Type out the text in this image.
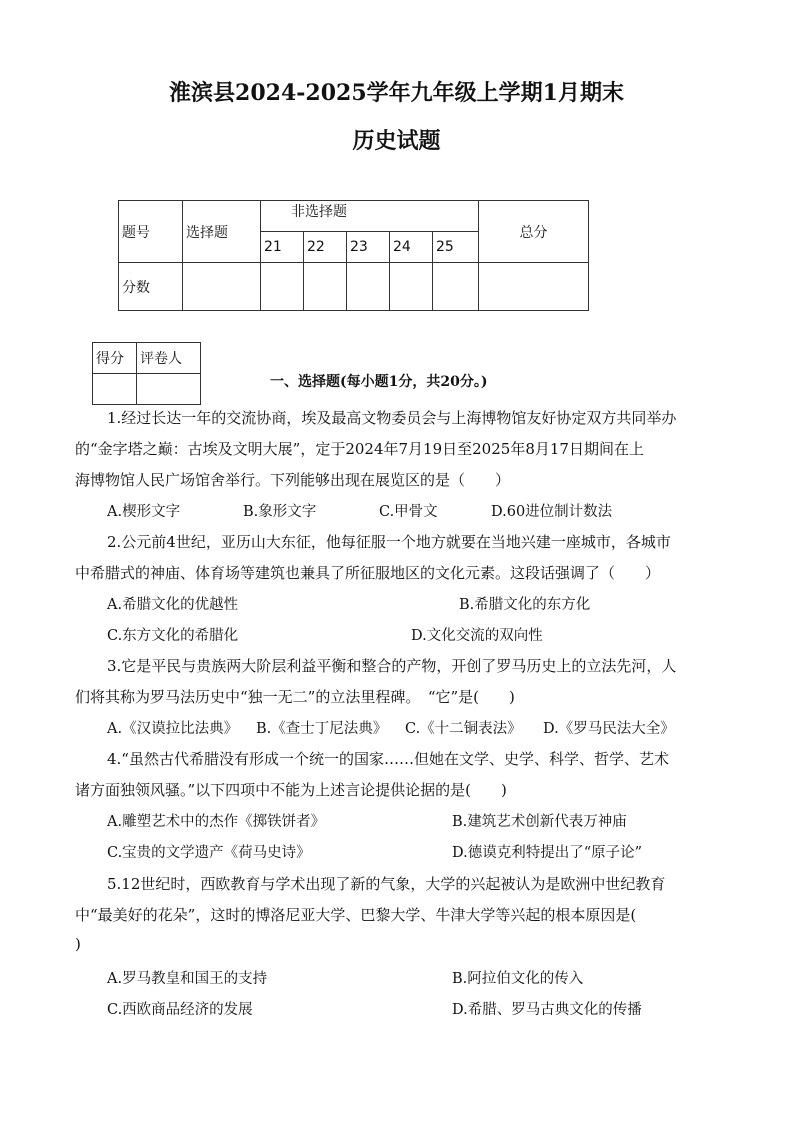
淮滨县2024-2025学年九年级上学期1月期末
历史试题
题号	选择题	非选择题					总分
		21	22	23	24	25	
分数							
得分	评卷人

一、选择题(每小题1分，共20分。)
1.经过长达一年的交流协商，埃及最高文物委员会与上海博物馆友好协定双方共同举办
的“金字塔之巅：古埃及文明大展”，定于2024年7月19日至2025年8月17日期间在上
海博物馆人民广场馆舍举行。下列能够出现在展览区的是（　　）
A.楔形文字	B.象形文字	C.甲骨文	D.60进位制计数法
2.公元前4世纪，亚历山大东征，他每征服一个地方就要在当地兴建一座城市，各城市
中希腊式的神庙、体育场等建筑也兼具了所征服地区的文化元素。这段话强调了（　　）
A.希腊文化的优越性	B.希腊文化的东方化
C.东方文化的希腊化	D.文化交流的双向性
3.它是平民与贵族两大阶层利益平衡和整合的产物，开创了罗马历史上的立法先河，人
们将其称为罗马法历史中“独一无二”的立法里程碑。　“它”是(　　)
A.《汉谟拉比法典》 B.《查士丁尼法典》 C.《十二铜表法》 D.《罗马民法大全》
4.“虽然古代希腊没有形成一个统一的国家……但她在文学、史学、科学、哲学、艺术
诸方面独领风骚。”以下四项中不能为上述言论提供论据的是(　　)
A.雕塑艺术中的杰作《掷铁饼者》	B.建筑艺术创新代表万神庙
C.宝贵的文学遗产《荷马史诗》	D.德谟克利特提出了“原子论”
5.12世纪时，西欧教育与学术出现了新的气象，大学的兴起被认为是欧洲中世纪教育
中“最美好的花朵”，这时的博洛尼亚大学、巴黎大学、牛津大学等兴起的根本原因是(
)
A.罗马教皇和国王的支持	B.阿拉伯文化的传入
C.西欧商品经济的发展	D.希腊、罗马古典文化的传播
